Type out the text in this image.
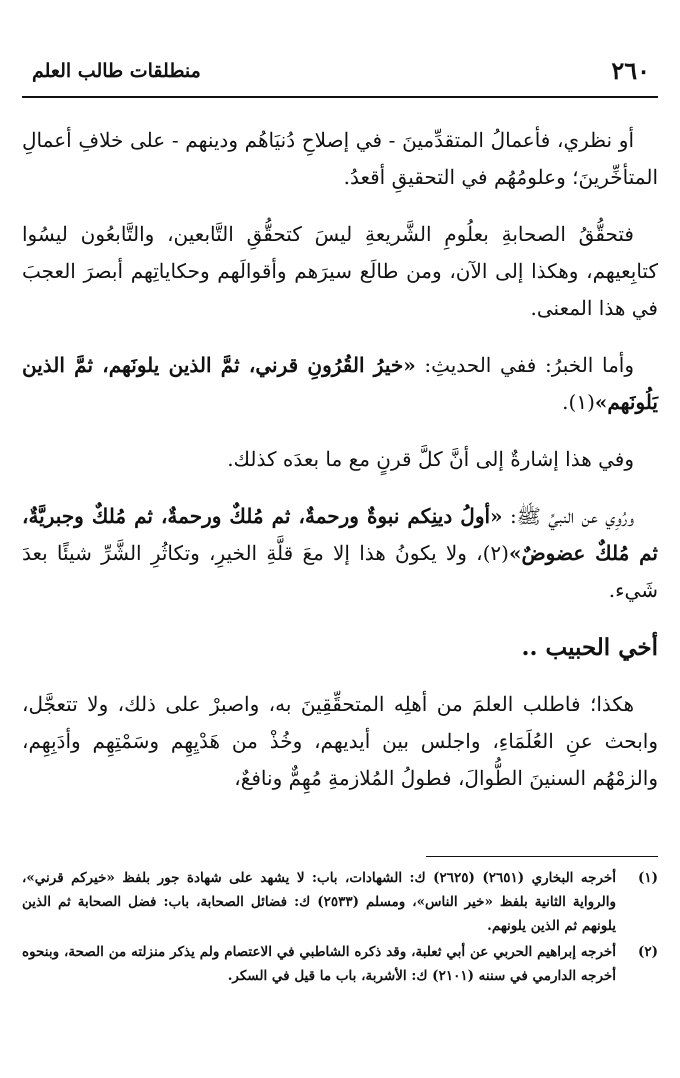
٢٦٠
منطلقات طالب العلم

أو نظري، فأعمالُ المتقدِّمينَ - في إصلاحِ دُنيَاهُم ودينهم - على خلافِ أعمالِ المتأخِّرينَ؛ وعلومُهُم في التحقيقِ أقعدُ.

فتحقُّقُ الصحابةِ بعلُومِ الشَّريعةِ ليسَ كتحقُّقِ التَّابعين، والتَّابعُون ليسُوا كتابِعيهم، وهكذا إلى الآن، ومن طالَع سيرَهم وأقوالَهم وحكاياتِهم أبصرَ العجبَ في هذا المعنى.

وأما الخبرُ: ففي الحديثِ: «خيرُ القُرُونِ قرني، ثمَّ الذين يلونَهم، ثمَّ الذين يَلُونَهم»(١).

وفي هذا إشارةٌ إلى أنَّ كلَّ قرنٍ مع ما بعدَه كذلك.

ورُوِي عن النبيِّ ﷺ: «أولُ دينِكم نبوةٌ ورحمةٌ، ثم مُلكٌ ورحمةٌ، ثم مُلكٌ وجبريَّةٌ، ثم مُلكٌ عضوضٌ»(٢)، ولا يكونُ هذا إلا معَ قلَّةِ الخيرِ، وتكاثُرِ الشَّرِّ شيئًا بعدَ شَيء.

أخي الحبيب ..

هكذا؛ فاطلب العلمَ من أهلِه المتحقِّقِينَ به، واصبرْ على ذلك، ولا تتعجَّل، وابحث عنِ العُلَمَاءِ، واجلس بين أيديهم، وخُذْ من هَدْيِهِم وسَمْتِهِم وأدَبِهِم، والزمْهُم السنينَ الطُّوالَ، فطولُ المُلازمةِ مُهِمٌّ ونافعٌ،

(١)
أخرجه البخاري (٢٦٥١) (٢٦٢٥) ك: الشهادات، باب: لا يشهد على شهادة جور بلفظ «خيركم قرني»، والرواية الثانية بلفظ «خير الناس»، ومسلم (٢٥٣٣) ك: فضائل الصحابة، باب: فضل الصحابة ثم الذين يلونهم ثم الذين يلونهم.
(٢)
أخرجه إبراهيم الحربي عن أبي ثعلبة، وقد ذكره الشاطبي في الاعتصام ولم يذكر منزلته من الصحة، وبنحوه أخرجه الدارمي في سننه (٢١٠١) ك: الأشربة، باب ما قيل في السكر.
